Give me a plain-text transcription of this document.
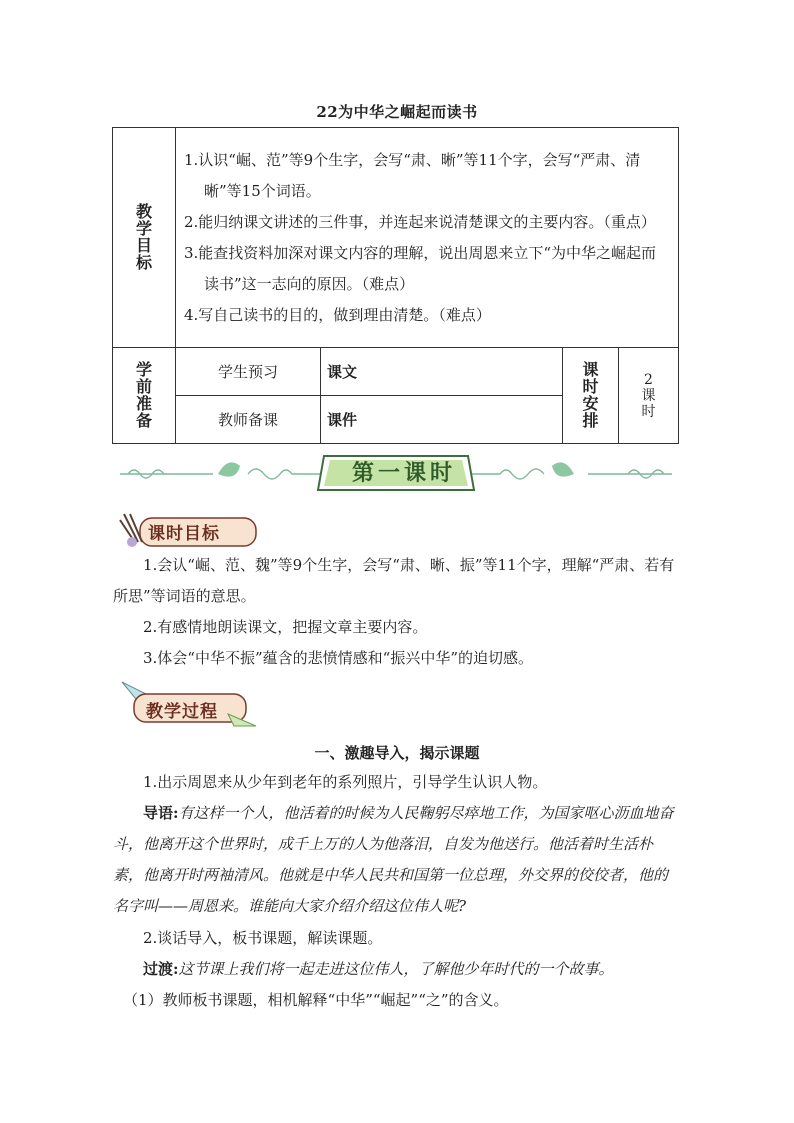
22为中华之崛起而读书
教学目标	1.认识“崛、范”等9个生字，会写“肃、晰”等11个字，会写“严肃、清晰”等15个词语。
2.能归纳课文讲述的三件事，并连起来说清楚课文的主要内容。（重点）
3.能查找资料加深对课文内容的理解，说出周恩来立下“为中华之崛起而读书”这一志向的原因。（难点）
4.写自己读书的目的，做到理由清楚。（难点）			

学前准备	学生预习	课文	课时安排	2课时
	教师备课	课件		
第一课时
课时目标
1.会认“崛、范、魏”等9个生字，会写“肃、晰、振”等11个字，理解“严肃、若有所思”等词语的意思。
2.有感情地朗读课文，把握文章主要内容。
3.体会“中华不振”蕴含的悲愤情感和“振兴中华”的迫切感。
教学过程
一、激趣导入，揭示课题
1.出示周恩来从少年到老年的系列照片，引导学生认识人物。
导语:有这样一个人，他活着的时候为人民鞠躬尽瘁地工作，为国家呕心沥血地奋斗，他离开这个世界时，成千上万的人为他落泪，自发为他送行。他活着时生活朴素，他离开时两袖清风。他就是中华人民共和国第一位总理，外交界的佼佼者，他的名字叫——周恩来。谁能向大家介绍介绍这位伟人呢?
2.谈话导入，板书课题，解读课题。
过渡:这节课上我们将一起走进这位伟人，了解他少年时代的一个故事。
（1）教师板书课题，相机解释“中华”“崛起”“之”的含义。
